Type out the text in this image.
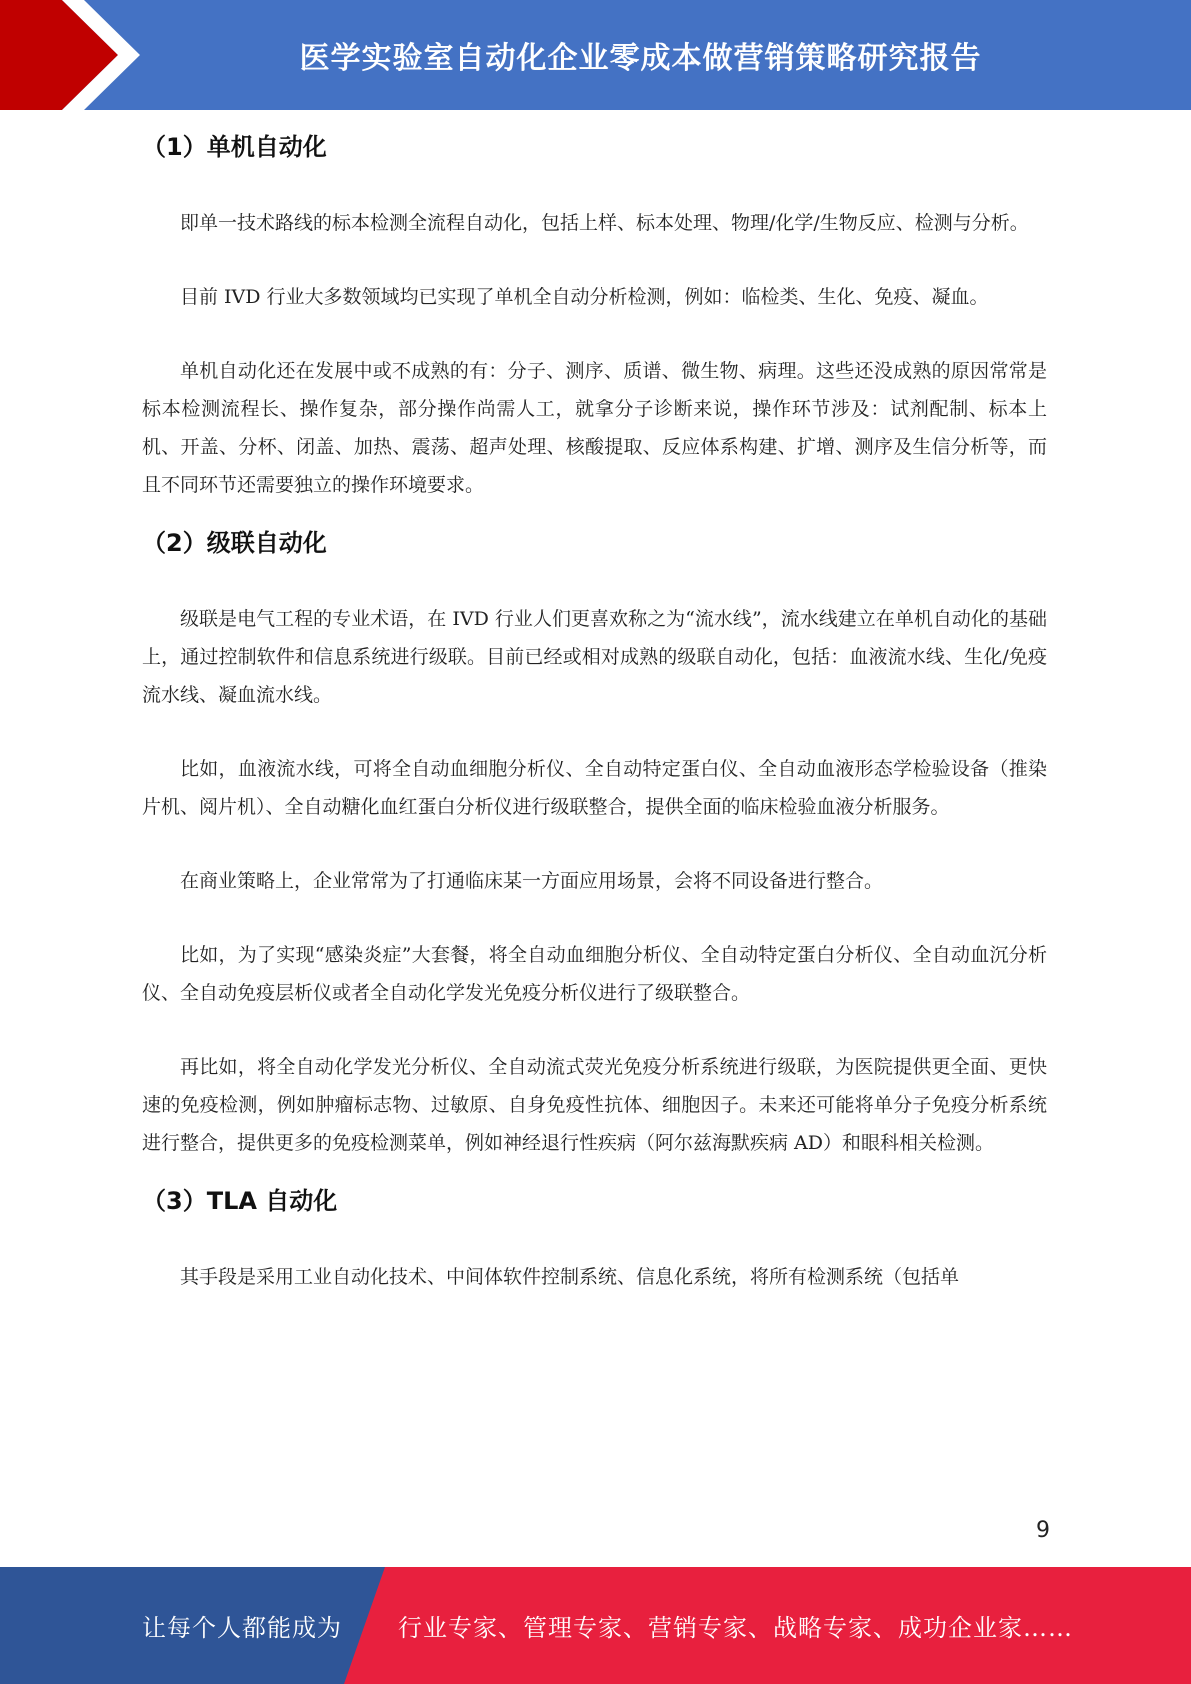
医学实验室自动化企业零成本做营销策略研究报告
（1）单机自动化

即单一技术路线的标本检测全流程自动化，包括上样、标本处理、物理/化学/生物反应、检测与分析。

目前 IVD 行业大多数领域均已实现了单机全自动分析检测，例如：临检类、生化、免疫、凝血。

单机自动化还在发展中或不成熟的有：分子、测序、质谱、微生物、病理。这些还没成熟的原因常常是标本检测流程长、操作复杂，部分操作尚需人工，就拿分子诊断来说，操作环节涉及：试剂配制、标本上机、开盖、分杯、闭盖、加热、震荡、超声处理、核酸提取、反应体系构建、扩增、测序及生信分析等，而且不同环节还需要独立的操作环境要求。

（2）级联自动化

级联是电气工程的专业术语，在 IVD 行业人们更喜欢称之为“流水线”，流水线建立在单机自动化的基础上，通过控制软件和信息系统进行级联。目前已经或相对成熟的级联自动化，包括：血液流水线、生化/免疫流水线、凝血流水线。

比如，血液流水线，可将全自动血细胞分析仪、全自动特定蛋白仪、全自动血液形态学检验设备（推染片机、阅片机）、全自动糖化血红蛋白分析仪进行级联整合，提供全面的临床检验血液分析服务。

在商业策略上，企业常常为了打通临床某一方面应用场景，会将不同设备进行整合。

比如，为了实现“感染炎症”大套餐，将全自动血细胞分析仪、全自动特定蛋白分析仪、全自动血沉分析仪、全自动免疫层析仪或者全自动化学发光免疫分析仪进行了级联整合。

再比如，将全自动化学发光分析仪、全自动流式荧光免疫分析系统进行级联，为医院提供更全面、更快速的免疫检测，例如肿瘤标志物、过敏原、自身免疫性抗体、细胞因子。未来还可能将单分子免疫分析系统进行整合，提供更多的免疫检测菜单，例如神经退行性疾病（阿尔兹海默疾病 AD）和眼科相关检测。

（3）TLA 自动化

其手段是采用工业自动化技术、中间体软件控制系统、信息化系统，将所有检测系统（包括单

9
让每个人都能成为 行业专家、管理专家、营销专家、战略专家、成功企业家……
